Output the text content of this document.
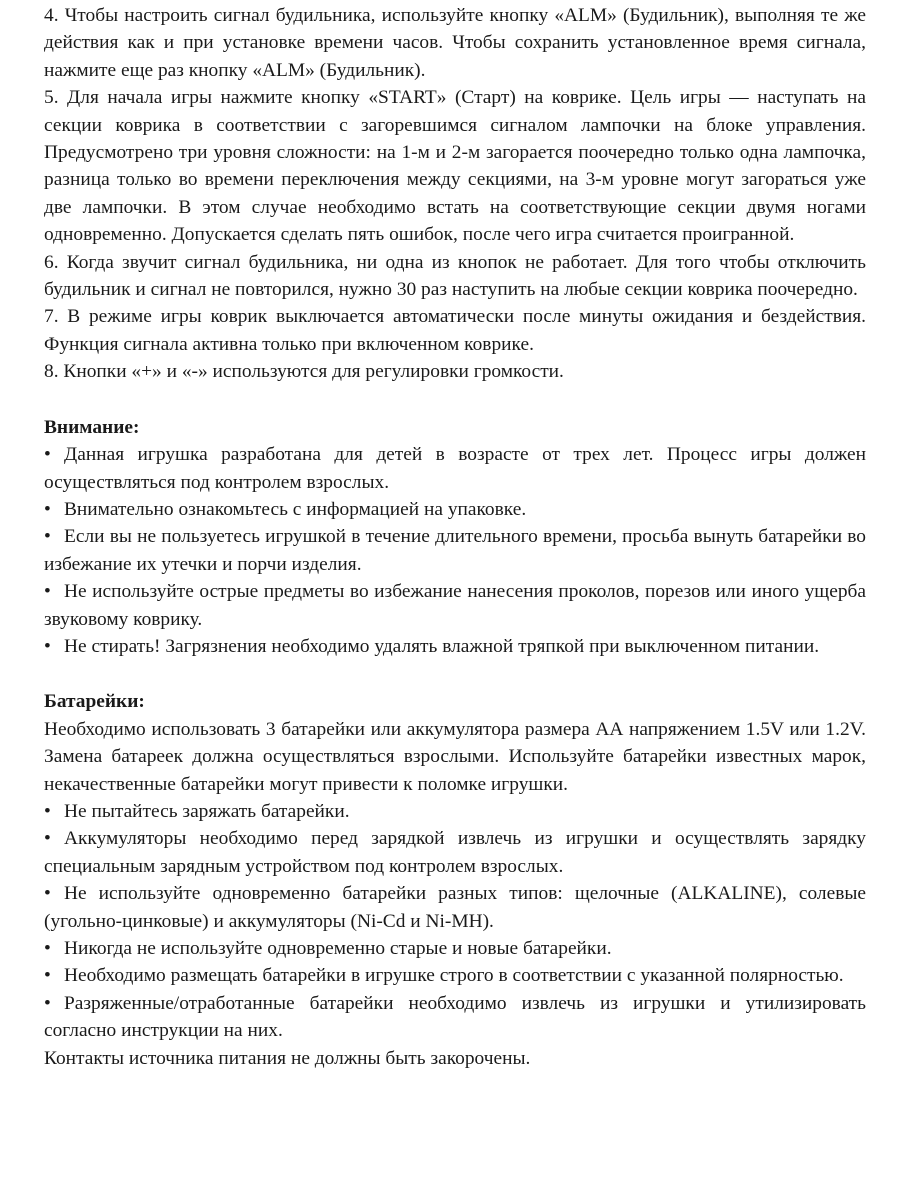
4. Чтобы настроить сигнал будильника, используйте кнопку «ALM» (Будильник), выполняя те же действия как и при установке времени часов. Чтобы сохранить установленное время сигнала, нажмите еще раз кнопку «ALM» (Будильник).

5. Для начала игры нажмите кнопку «START» (Старт) на коврике. Цель игры — наступать на секции коврика в соответствии с загоревшимся сигналом лампочки на блоке управления. Предусмотрено три уровня сложности: на 1-м и 2-м загорается поочередно только одна лампочка, разница только во времени переключения между секциями, на 3-м уровне могут загораться уже две лампочки. В этом случае необходимо встать на соответствующие секции двумя ногами одновременно. Допускается сделать пять ошибок, после чего игра считается проигранной.

6. Когда звучит сигнал будильника, ни одна из кнопок не работает. Для того чтобы отключить будильник и сигнал не повторился, нужно 30 раз наступить на любые секции коврика поочередно.

7. В режиме игры коврик выключается автоматически после минуты ожидания и бездействия. Функция сигнала активна только при включенном коврике.

8. Кнопки «+» и «-» используются для регулировки громкости.

Внимание:

• Данная игрушка разработана для детей в возрасте от трех лет. Процесс игры должен осуществляться под контролем взрослых.

• Внимательно ознакомьтесь с информацией на упаковке.

• Если вы не пользуетесь игрушкой в течение длительного времени, просьба вынуть батарейки во избежание их утечки и порчи изделия.

• Не используйте острые предметы во избежание нанесения проколов, порезов или иного ущерба звуковому коврику.

• Не стирать! Загрязнения необходимо удалять влажной тряпкой при выключенном питании.

Батарейки:

Необходимо использовать 3 батарейки или аккумулятора размера АА напряжением 1.5V или 1.2V. Замена батареек должна осуществляться взрослыми. Используйте батарейки известных марок, некачественные батарейки могут привести к поломке игрушки.

• Не пытайтесь заряжать батарейки.

• Аккумуляторы необходимо перед зарядкой извлечь из игрушки и осуществлять зарядку специальным зарядным устройством под контролем взрослых.

• Не используйте одновременно батарейки разных типов: щелочные (ALKALINE), солевые (угольно-цинковые) и аккумуляторы (Ni-Cd и Ni-MH).

• Никогда не используйте одновременно старые и новые батарейки.

• Необходимо размещать батарейки в игрушке строго в соответствии с указанной полярностью.

• Разряженные/отработанные батарейки необходимо извлечь из игрушки и утилизировать согласно инструкции на них.

Контакты источника питания не должны быть закорочены.
